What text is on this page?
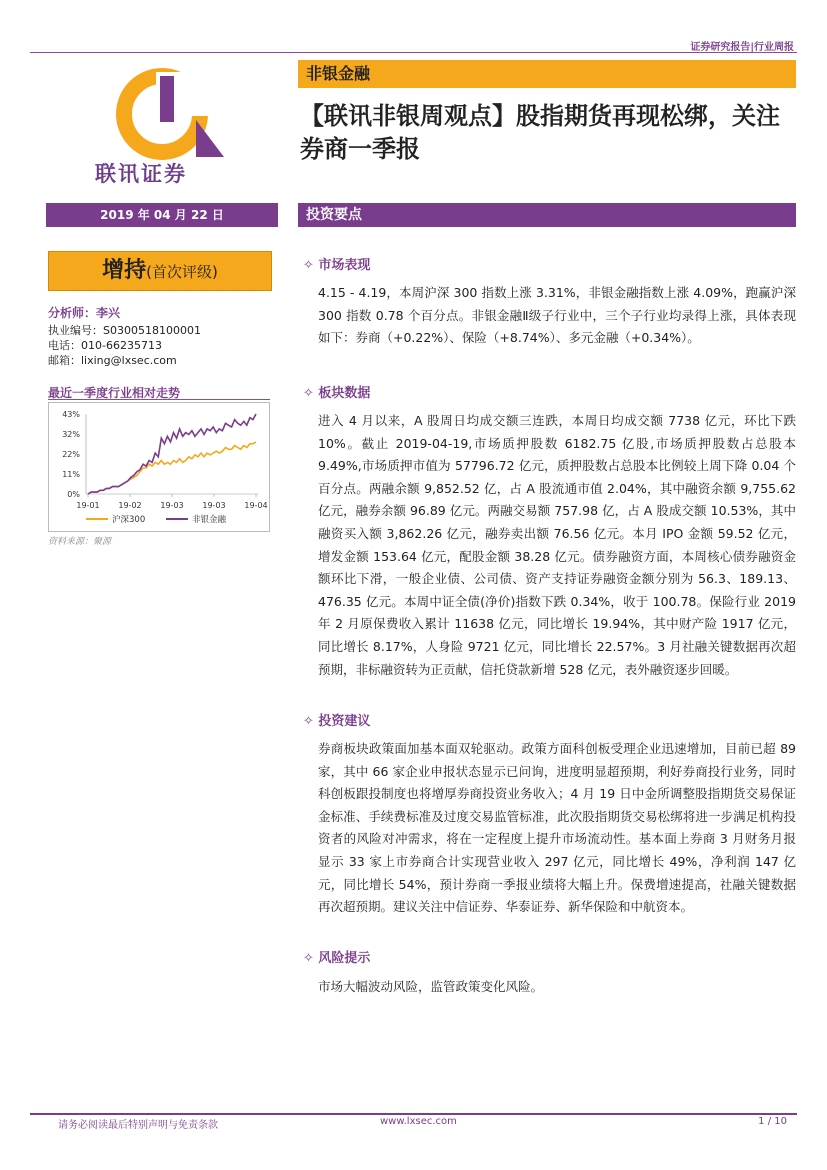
证券研究报告|行业周报
联讯证券
非银金融
【联讯非银周观点】股指期货再现松绑，关注券商一季报
2019 年 04 月 22 日	投资要点
增持(首次评级)
分析师：李兴
执业编号：S0300518100001
电话：010-66235713
邮箱：lixing@lxsec.com
最近一季度行业相对走势
43%
32%
22%
11%
0%
19-01 19-02 19-03 19-03 19-04
沪深300	非银金融
资料来源：聚源
✧ 市场表现
4.15 - 4.19，本周沪深 300 指数上涨 3.31%，非银金融指数上涨 4.09%，跑赢沪深 300 指数 0.78 个百分点。非银金融Ⅱ级子行业中，三个子行业均录得上涨，具体表现如下：券商（+0.22%）、保险（+8.74%）、多元金融（+0.34%）。
✧ 板块数据
进入 4 月以来，A 股周日均成交额三连跌，本周日均成交额 7738 亿元，环比下跌 10%。截止 2019-04-19,市场质押股数 6182.75 亿股,市场质押股数占总股本 9.49%,市场质押市值为 57796.72 亿元，质押股数占总股本比例较上周下降 0.04 个百分点。两融余额 9,852.52 亿，占 A 股流通市值 2.04%，其中融资余额 9,755.62 亿元，融券余额 96.89 亿元。两融交易额 757.98 亿，占 A 股成交额 10.53%，其中融资买入额 3,862.26 亿元，融券卖出额 76.56 亿元。本月 IPO 金额 59.52 亿元，增发金额 153.64 亿元，配股金额 38.28 亿元。债券融资方面，本周核心债券融资金额环比下滑，一般企业债、公司债、资产支持证券融资金额分别为 56.3、189.13、476.35 亿元。本周中证全债(净价)指数下跌 0.34%，收于 100.78。保险行业 2019 年 2 月原保费收入累计 11638 亿元，同比增长 19.94%，其中财产险 1917 亿元，同比增长 8.17%，人身险 9721 亿元，同比增长 22.57%。3 月社融关键数据再次超预期，非标融资转为正贡献，信托贷款新增 528 亿元，表外融资逐步回暖。
✧ 投资建议
券商板块政策面加基本面双轮驱动。政策方面科创板受理企业迅速增加，目前已超 89 家，其中 66 家企业申报状态显示已问询，进度明显超预期，利好券商投行业务，同时科创板跟投制度也将增厚券商投资业务收入；4 月 19 日中金所调整股指期货交易保证金标准、手续费标准及过度交易监管标准，此次股指期货交易松绑将进一步满足机构投资者的风险对冲需求，将在一定程度上提升市场流动性。基本面上券商 3 月财务月报显示 33 家上市券商合计实现营业收入 297 亿元，同比增长 49%，净利润 147 亿元，同比增长 54%，预计券商一季报业绩将大幅上升。保费增速提高，社融关键数据再次超预期。建议关注中信证券、华泰证券、新华保险和中航资本。
✧ 风险提示
市场大幅波动风险，监管政策变化风险。
请务必阅读最后特别声明与免责条款	www.lxsec.com	1 / 10
